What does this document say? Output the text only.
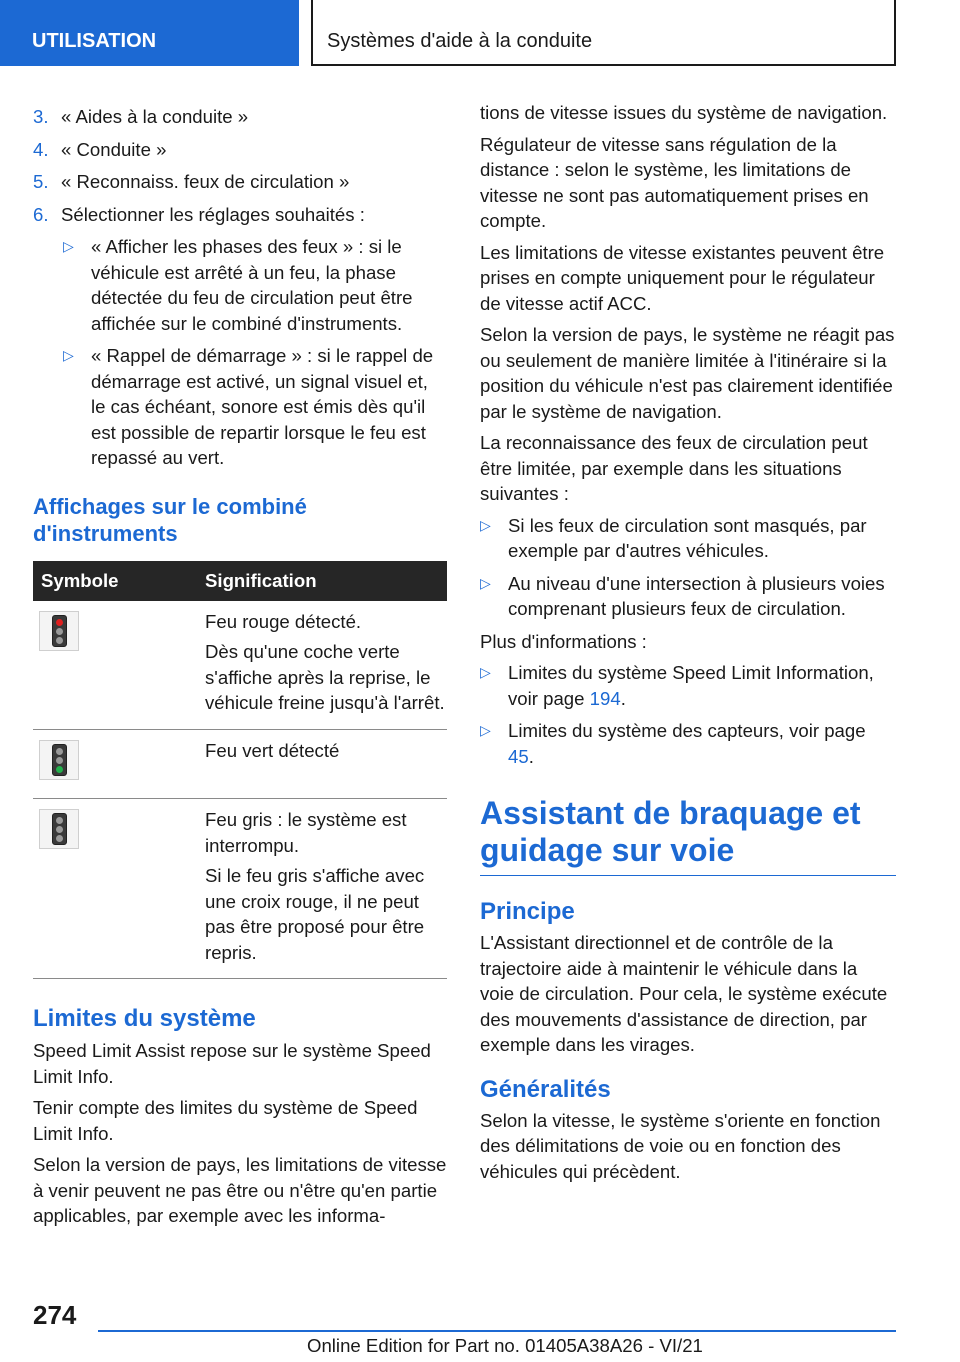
UTILISATION	Systèmes d'aide à la conduite
3. « Aides à la conduite »
4. « Conduite »
5. « Reconnaiss. feux de circulation »
6. Sélectionner les réglages souhaités :
▷ « Afficher les phases des feux » : si le véhicule est arrêté à un feu, la phase détectée du feu de circulation peut être affichée sur le combiné d'instruments.
▷ « Rappel de démarrage » : si le rappel de démarrage est activé, un signal visuel et, le cas échéant, sonore est émis dès qu'il est possible de repartir lorsque le feu est repassé au vert.
Affichages sur le combiné d'instruments
Symbole	Signification

	Feu rouge détecté.
Dès qu'une coche verte s'affiche après la reprise, le véhicule freine jusqu'à l'arrêt.

	Feu vert détecté

	Feu gris : le système est interrompu.
Si le feu gris s'affiche avec une croix rouge, il ne peut pas être proposé pour être repris.
Limites du système
Speed Limit Assist repose sur le système Speed Limit Info.
Tenir compte des limites du système de Speed Limit Info.
Selon la version de pays, les limitations de vitesse à venir peuvent ne pas être ou n'être qu'en partie applicables, par exemple avec les informa-
tions de vitesse issues du système de navigation.
Régulateur de vitesse sans régulation de la distance : selon le système, les limitations de vitesse ne sont pas automatiquement prises en compte.
Les limitations de vitesse existantes peuvent être prises en compte uniquement pour le régulateur de vitesse actif ACC.
Selon la version de pays, le système ne réagit pas ou seulement de manière limitée à l'itinéraire si la position du véhicule n'est pas clairement identifiée par le système de navigation.
La reconnaissance des feux de circulation peut être limitée, par exemple dans les situations suivantes :
▷ Si les feux de circulation sont masqués, par exemple par d'autres véhicules.
▷ Au niveau d'une intersection à plusieurs voies comprenant plusieurs feux de circulation.
Plus d'informations :
▷ Limites du système Speed Limit Information, voir page 194.
▷ Limites du système des capteurs, voir page 45.
Assistant de braquage et guidage sur voie
Principe
L'Assistant directionnel et de contrôle de la trajectoire aide à maintenir le véhicule dans la voie de circulation. Pour cela, le système exécute des mouvements d'assistance de direction, par exemple dans les virages.
Généralités
Selon la vitesse, le système s'oriente en fonction des délimitations de voie ou en fonction des véhicules qui précèdent.
274
Online Edition for Part no. 01405A38A26 - VI/21
